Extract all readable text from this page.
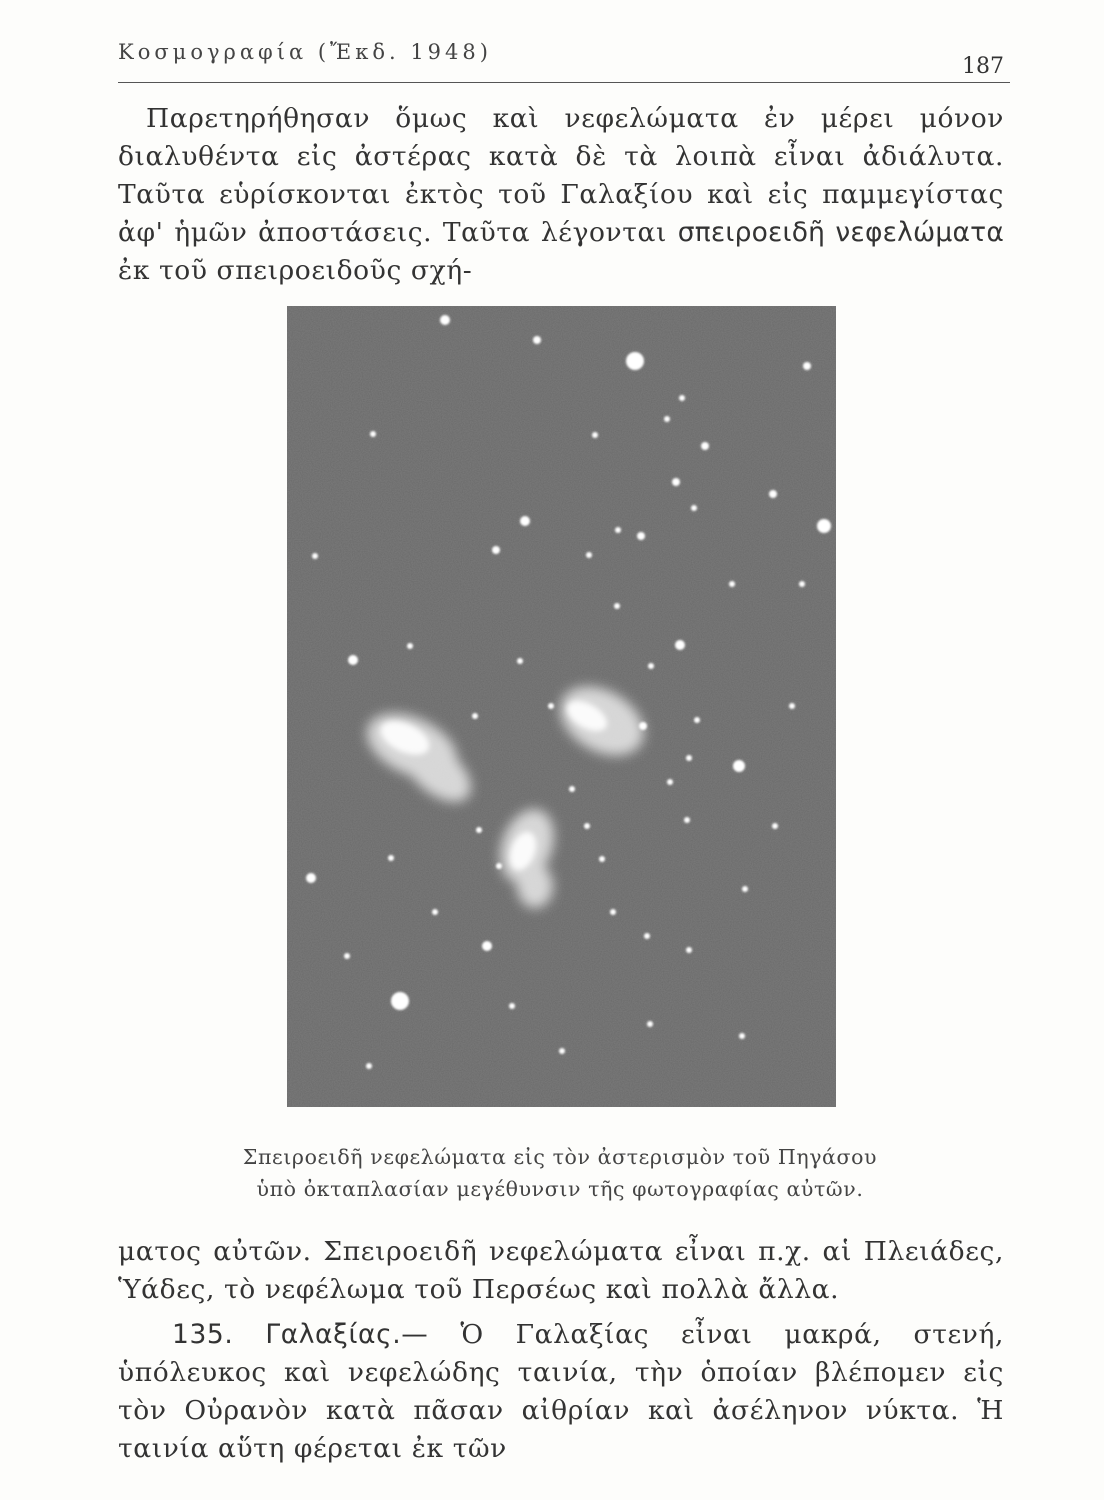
Κοσμογραφία (Ἔκδ. 1948)
187

Παρετηρήθησαν ὅμως καὶ νεφελώματα ἐν μέρει μόνον διαλυθέντα εἰς ἀστέρας κατὰ δὲ τὰ λοιπὰ εἶναι ἀδιάλυτα. Ταῦτα εὑρίσκονται ἐκτὸς τοῦ Γαλαξίου καὶ εἰς παμμεγίστας ἀφ' ἡμῶν ἀποστάσεις. Ταῦτα λέγονται σπειροειδῆ νεφελώματα ἐκ τοῦ σπειροειδοῦς σχή-

Σπειροειδῆ νεφελώματα εἰς τὸν ἀστερισμὸν τοῦ Πηγάσου
ὑπὸ ὀκταπλασίαν μεγέθυνσιν τῆς φωτογραφίας αὐτῶν.

ματος αὐτῶν. Σπειροειδῆ νεφελώματα εἶναι π.χ. αἱ Πλειάδες, Ὑάδες, τὸ νεφέλωμα τοῦ Περσέως καὶ πολλὰ ἄλλα.

135. Γαλαξίας.— Ὁ Γαλαξίας εἶναι μακρά, στενή, ὑπόλευκος καὶ νεφελώδης ταινία, τὴν ὁποίαν βλέπομεν εἰς τὸν Οὐρανὸν κατὰ πᾶσαν αἰθρίαν καὶ ἀσέληνον νύκτα. Ἡ ταινία αὕτη φέρεται ἐκ τῶν
